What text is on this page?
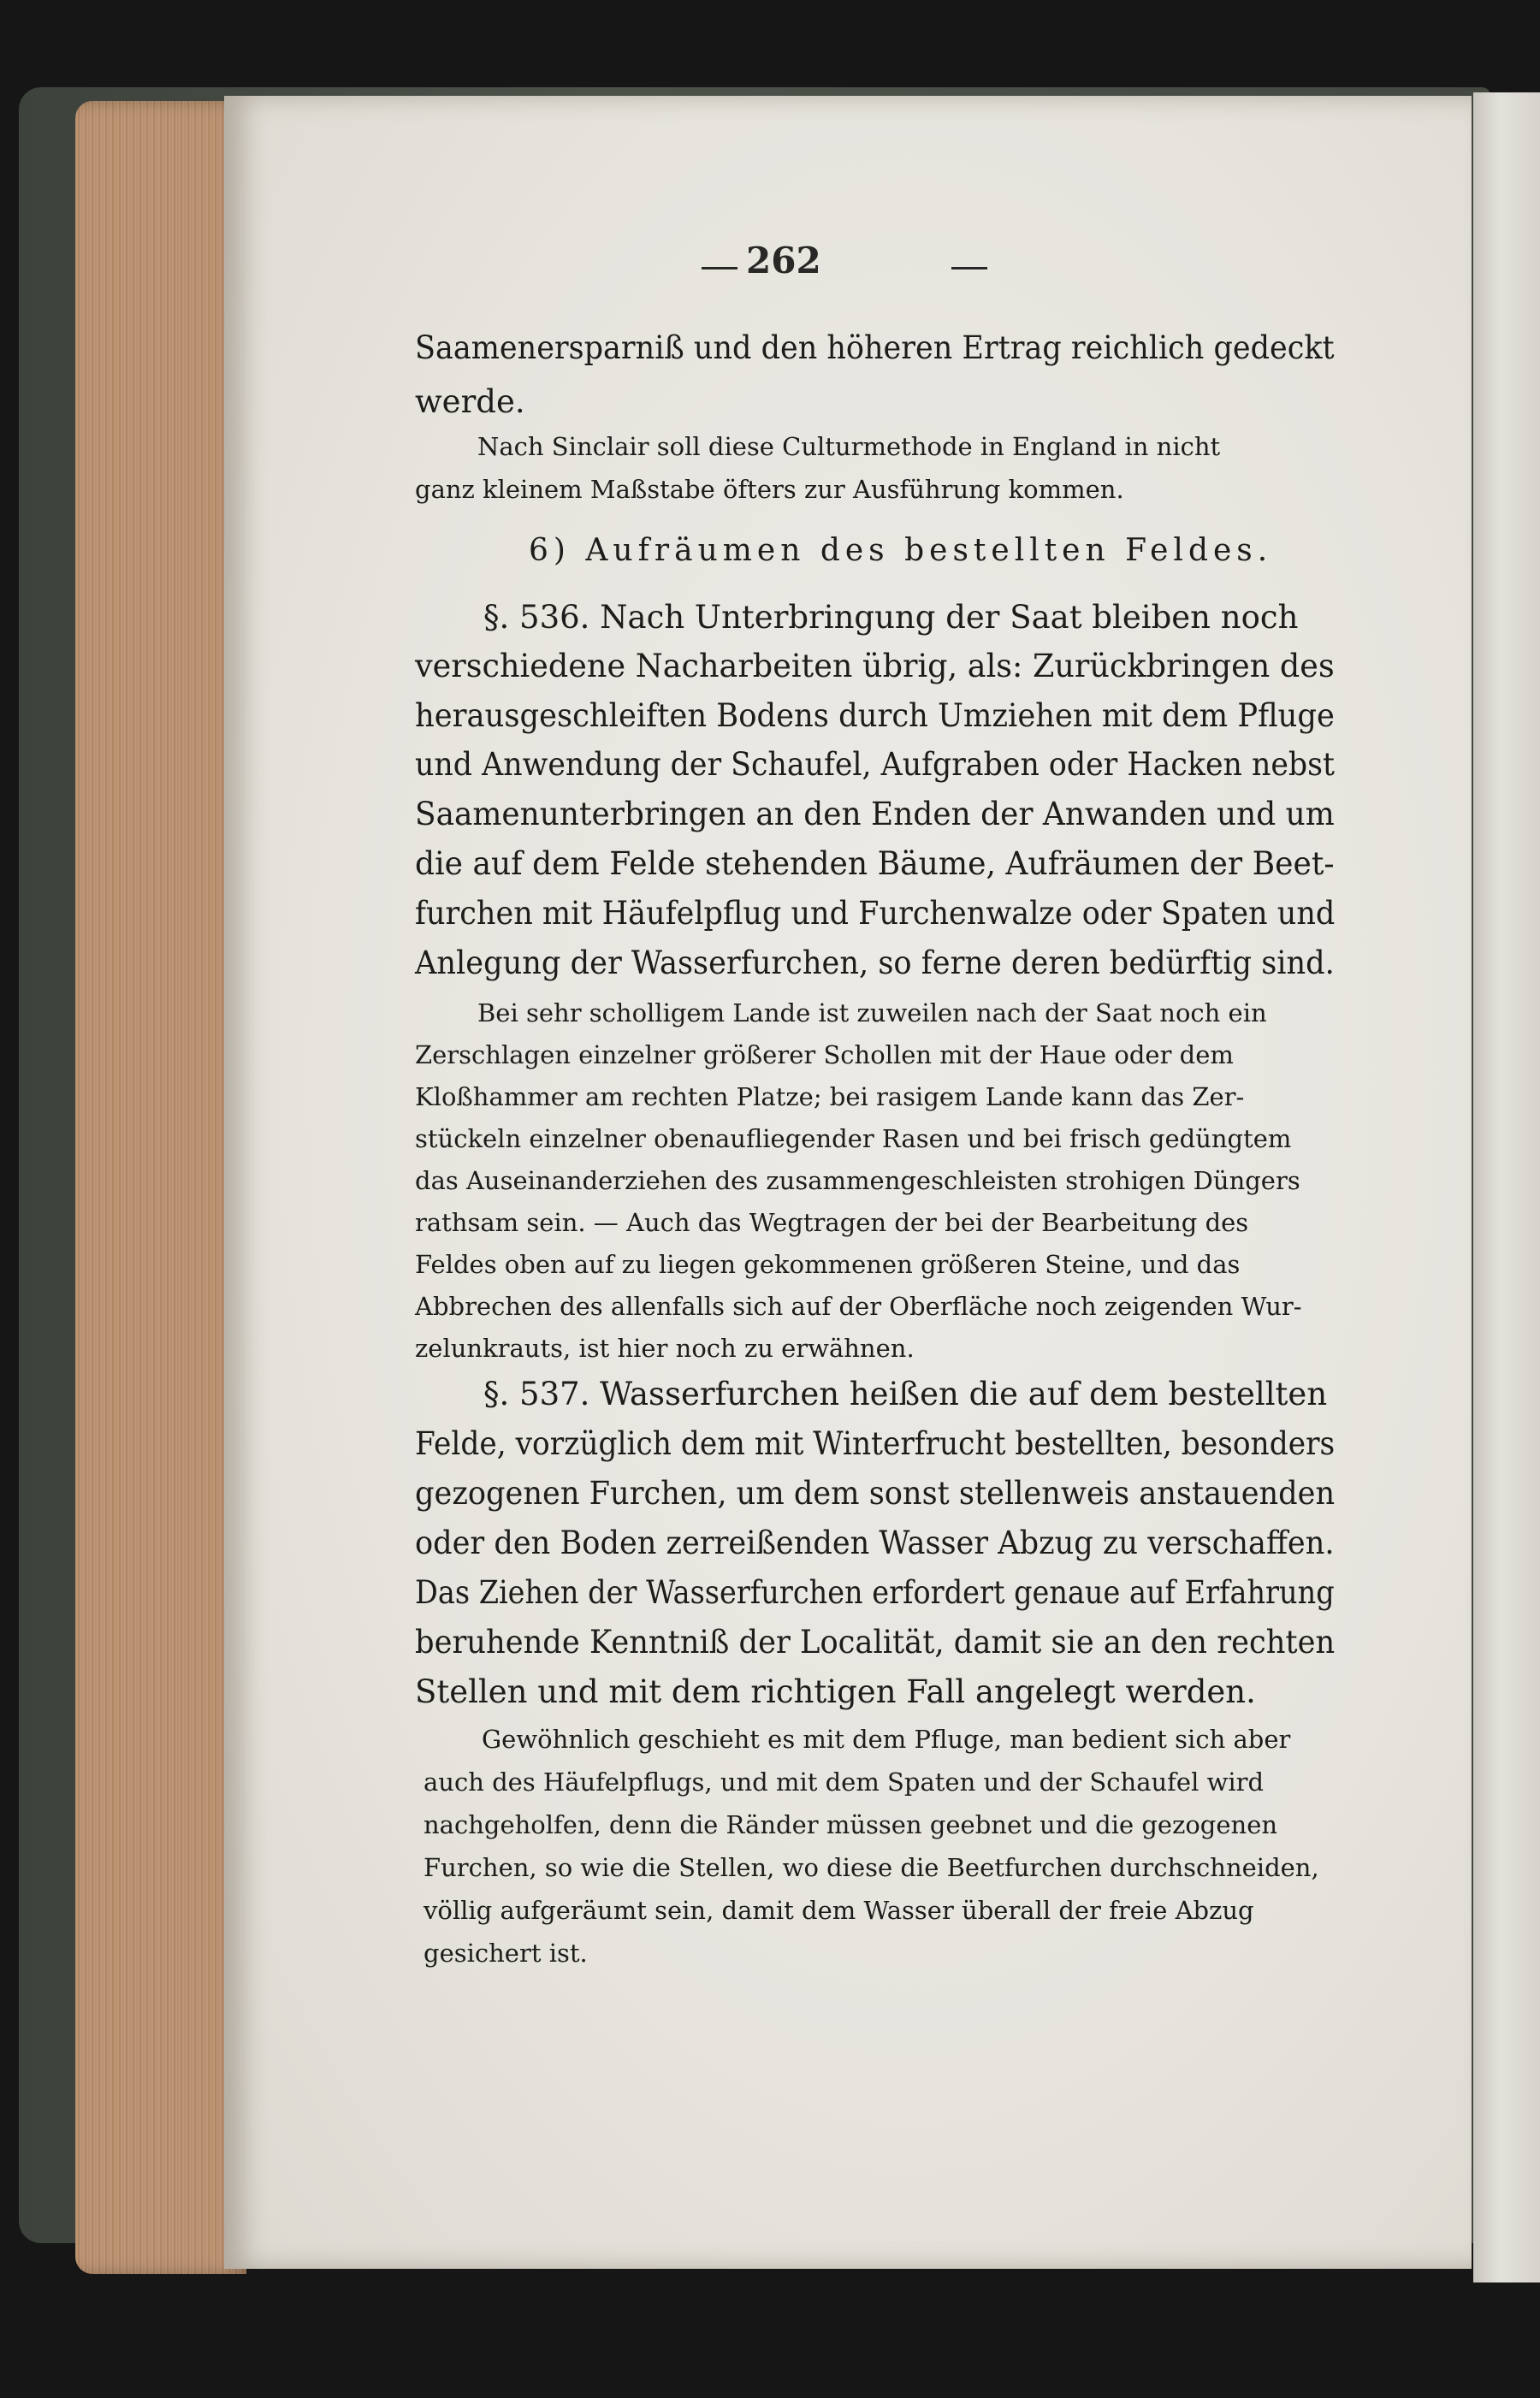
262
Saamenersparniß und den höheren Ertrag reichlich gedeckt
werde.
Nach Sinclair soll diese Culturmethode in England in nicht
ganz kleinem Maßstabe öfters zur Ausführung kommen.
6) Aufräumen des bestellten Feldes.
§. 536. Nach Unterbringung der Saat bleiben noch
verschiedene Nacharbeiten übrig, als: Zurückbringen des
herausgeschleiften Bodens durch Umziehen mit dem Pfluge
und Anwendung der Schaufel, Aufgraben oder Hacken nebst
Saamenunterbringen an den Enden der Anwanden und um
die auf dem Felde stehenden Bäume, Aufräumen der Beet-
furchen mit Häufelpflug und Furchenwalze oder Spaten und
Anlegung der Wasserfurchen, so ferne deren bedürftig sind.
Bei sehr scholligem Lande ist zuweilen nach der Saat noch ein
Zerschlagen einzelner größerer Schollen mit der Haue oder dem
Kloßhammer am rechten Platze; bei rasigem Lande kann das Zer-
stückeln einzelner obenaufliegender Rasen und bei frisch gedüngtem
das Auseinanderziehen des zusammengeschleisten strohigen Düngers
rathsam sein. — Auch das Wegtragen der bei der Bearbeitung des
Feldes oben auf zu liegen gekommenen größeren Steine, und das
Abbrechen des allenfalls sich auf der Oberfläche noch zeigenden Wur-
zelunkrauts, ist hier noch zu erwähnen.
§. 537. Wasserfurchen heißen die auf dem bestellten
Felde, vorzüglich dem mit Winterfrucht bestellten, besonders
gezogenen Furchen, um dem sonst stellenweis anstauenden
oder den Boden zerreißenden Wasser Abzug zu verschaffen.
Das Ziehen der Wasserfurchen erfordert genaue auf Erfahrung
beruhende Kenntniß der Localität, damit sie an den rechten
Stellen und mit dem richtigen Fall angelegt werden.
Gewöhnlich geschieht es mit dem Pfluge, man bedient sich aber
auch des Häufelpflugs, und mit dem Spaten und der Schaufel wird
nachgeholfen, denn die Ränder müssen geebnet und die gezogenen
Furchen, so wie die Stellen, wo diese die Beetfurchen durchschneiden,
völlig aufgeräumt sein, damit dem Wasser überall der freie Abzug
gesichert ist.
